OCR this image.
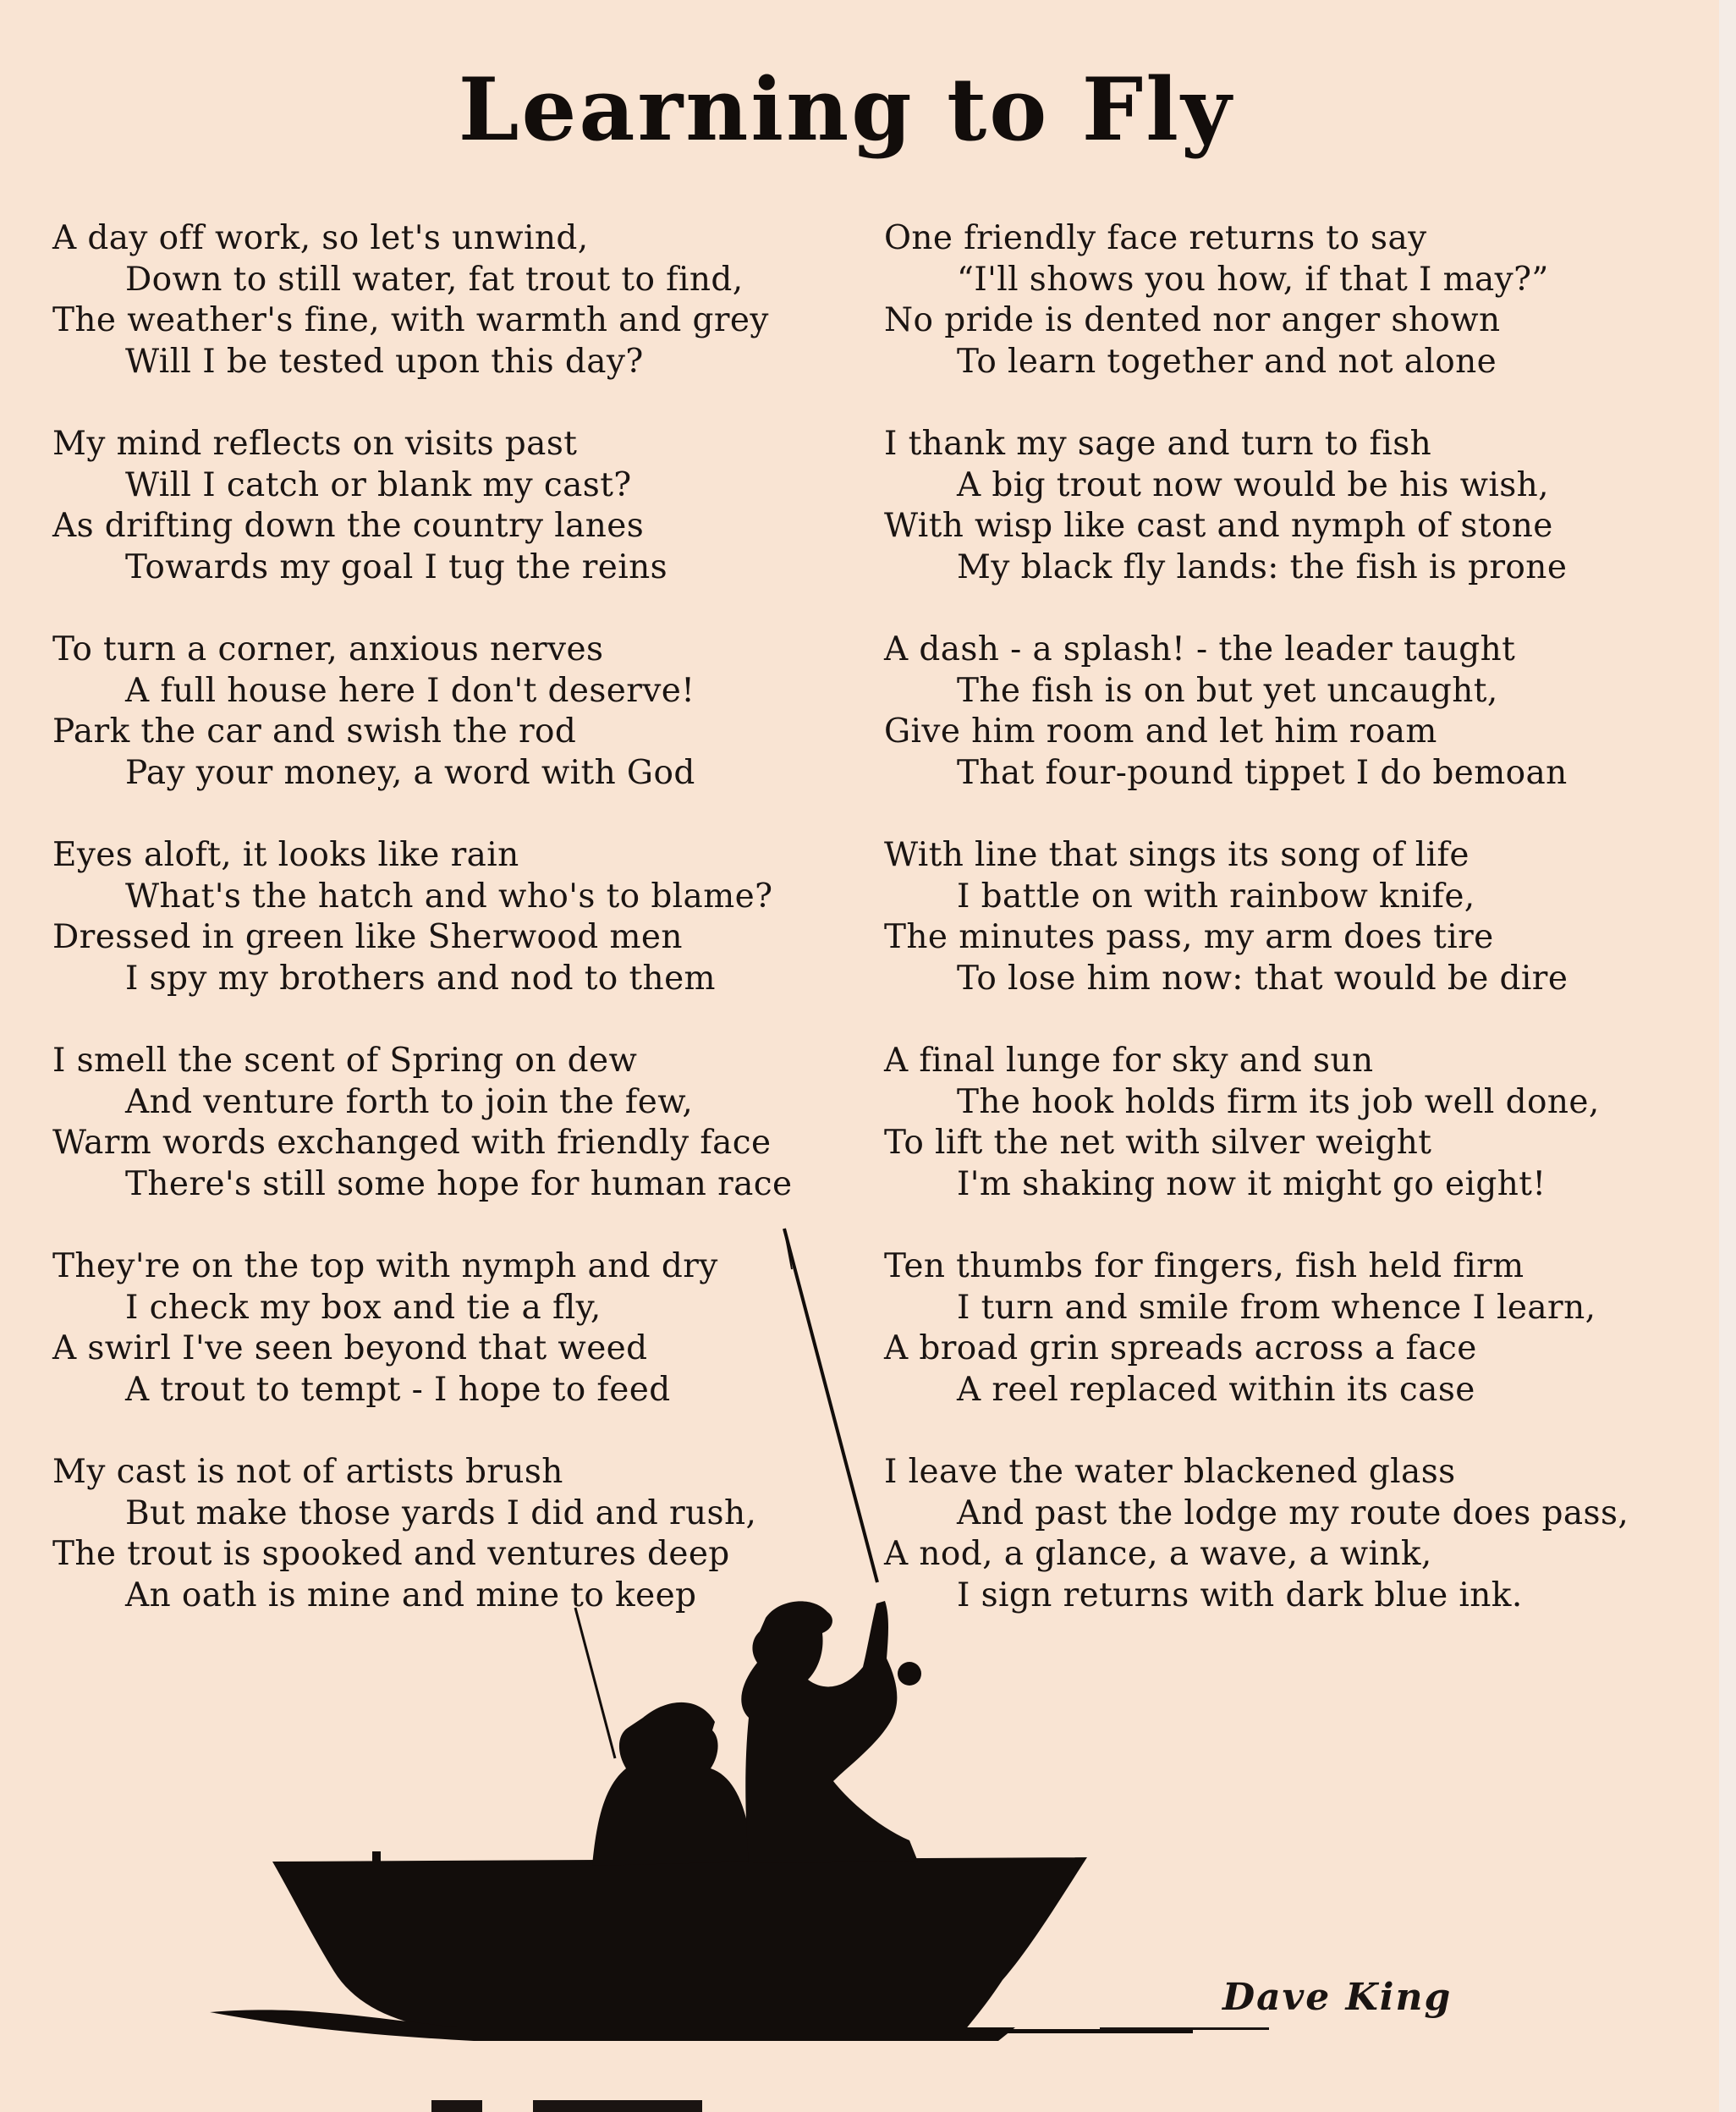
Learning to Fly
A day off work, so let's unwind,
Down to still water, fat trout to find,
The weather's fine, with warmth and grey
Will I be tested upon this day?
My mind reflects on visits past
Will I catch or blank my cast?
As drifting down the country lanes
Towards my goal I tug the reins
To turn a corner, anxious nerves
A full house here I don't deserve!
Park the car and swish the rod
Pay your money, a word with God
Eyes aloft, it looks like rain
What's the hatch and who's to blame?
Dressed in green like Sherwood men
I spy my brothers and nod to them
I smell the scent of Spring on dew
And venture forth to join the few,
Warm words exchanged with friendly face
There's still some hope for human race
They're on the top with nymph and dry
I check my box and tie a fly,
A swirl I've seen beyond that weed
A trout to tempt - I hope to feed
My cast is not of artists brush
But make those yards I did and rush,
The trout is spooked and ventures deep
An oath is mine and mine to keep
One friendly face returns to say
“I'll shows you how, if that I may?”
No pride is dented nor anger shown
To learn together and not alone
I thank my sage and turn to fish
A big trout now would be his wish,
With wisp like cast and nymph of stone
My black fly lands: the fish is prone
A dash - a splash! - the leader taught
The fish is on but yet uncaught,
Give him room and let him roam
That four-pound tippet I do bemoan
With line that sings its song of life
I battle on with rainbow knife,
The minutes pass, my arm does tire
To lose him now: that would be dire
A final lunge for sky and sun
The hook holds firm its job well done,
To lift the net with silver weight
I'm shaking now it might go eight!
Ten thumbs for fingers, fish held firm
I turn and smile from whence I learn,
A broad grin spreads across a face
A reel replaced within its case
I leave the water blackened glass
And past the lodge my route does pass,
A nod, a glance, a wave, a wink,
I sign returns with dark blue ink.
Dave King
